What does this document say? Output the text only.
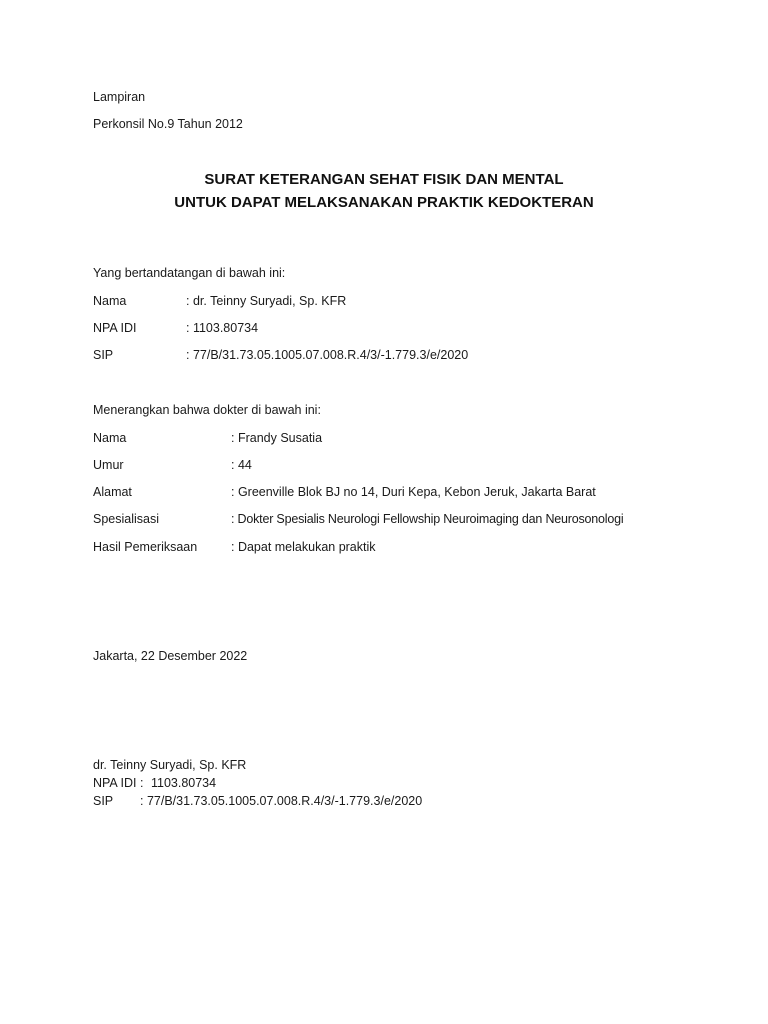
Lampiran
Perkonsil No.9 Tahun 2012
SURAT KETERANGAN SEHAT FISIK DAN MENTAL
UNTUK DAPAT MELAKSANAKAN PRAKTIK KEDOKTERAN
Yang bertandatangan di bawah ini:
Nama	: dr. Teinny Suryadi, Sp. KFR
NPA IDI	: 1103.80734
SIP	: 77/B/31.73.05.1005.07.008.R.4/3/-1.779.3/e/2020
Menerangkan bahwa dokter di bawah ini:
Nama	: Frandy Susatia
Umur	: 44
Alamat	: Greenville Blok BJ no 14, Duri Kepa, Kebon Jeruk, Jakarta Barat
Spesialisasi	: Dokter Spesialis Neurologi Fellowship Neuroimaging dan Neurosonologi
Hasil Pemeriksaan	: Dapat melakukan praktik
Jakarta, 22 Desember 2022
dr. Teinny Suryadi, Sp. KFR
NPA IDI : 1103.80734
SIP : 77/B/31.73.05.1005.07.008.R.4/3/-1.779.3/e/2020
